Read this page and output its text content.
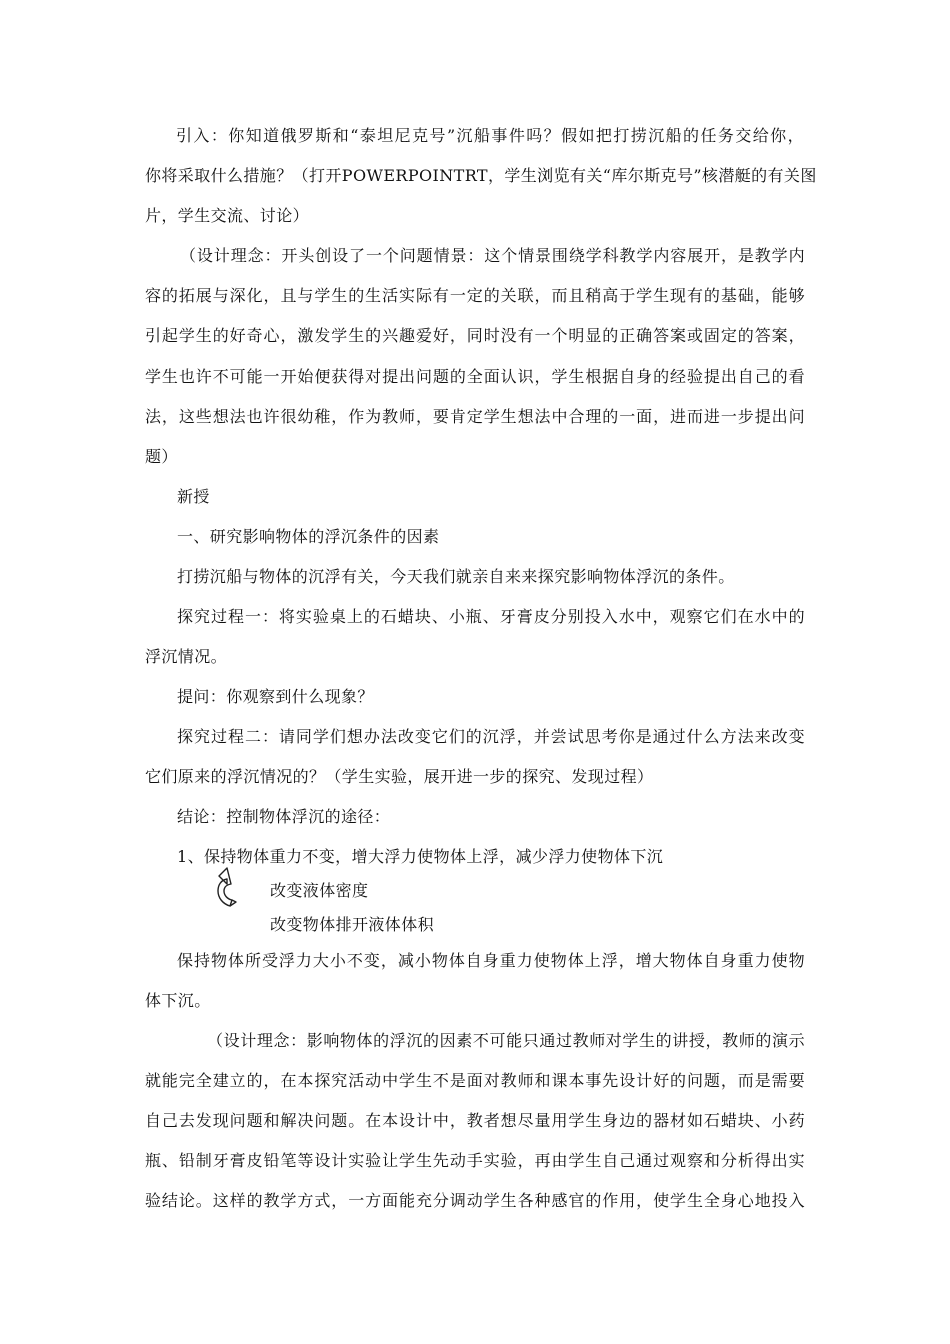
引入：你知道俄罗斯和“泰坦尼克号”沉船事件吗？假如把打捞沉船的任务交给你，
你将采取什么措施？（打开POWERPOINTRT，学生浏览有关“库尔斯克号”核潜艇的有关图
片，学生交流、讨论）
（设计理念：开头创设了一个问题情景：这个情景围绕学科教学内容展开，是教学内
容的拓展与深化，且与学生的生活实际有一定的关联，而且稍高于学生现有的基础，能够
引起学生的好奇心，激发学生的兴趣爱好，同时没有一个明显的正确答案或固定的答案，
学生也许不可能一开始便获得对提出问题的全面认识，学生根据自身的经验提出自己的看
法，这些想法也许很幼稚，作为教师，要肯定学生想法中合理的一面，进而进一步提出问
题）
新授
一、研究影响物体的浮沉条件的因素
打捞沉船与物体的沉浮有关，今天我们就亲自来来探究影响物体浮沉的条件。
探究过程一：将实验桌上的石蜡块、小瓶、牙膏皮分别投入水中，观察它们在水中的
浮沉情况。
提问：你观察到什么现象？
探究过程二：请同学们想办法改变它们的沉浮，并尝试思考你是通过什么方法来改变
它们原来的浮沉情况的？（学生实验，展开进一步的探究、发现过程）
结论：控制物体浮沉的途径：
1、保持物体重力不变，增大浮力使物体上浮，减少浮力使物体下沉
改变液体密度
改变物体排开液体体积
保持物体所受浮力大小不变，减小物体自身重力使物体上浮，增大物体自身重力使物
体下沉。
（设计理念：影响物体的浮沉的因素不可能只通过教师对学生的讲授，教师的演示
就能完全建立的，在本探究活动中学生不是面对教师和课本事先设计好的问题，而是需要
自己去发现问题和解决问题。在本设计中，教者想尽量用学生身边的器材如石蜡块、小药
瓶、铅制牙膏皮铅笔等设计实验让学生先动手实验，再由学生自己通过观察和分析得出实
验结论。这样的教学方式，一方面能充分调动学生各种感官的作用，使学生全身心地投入
